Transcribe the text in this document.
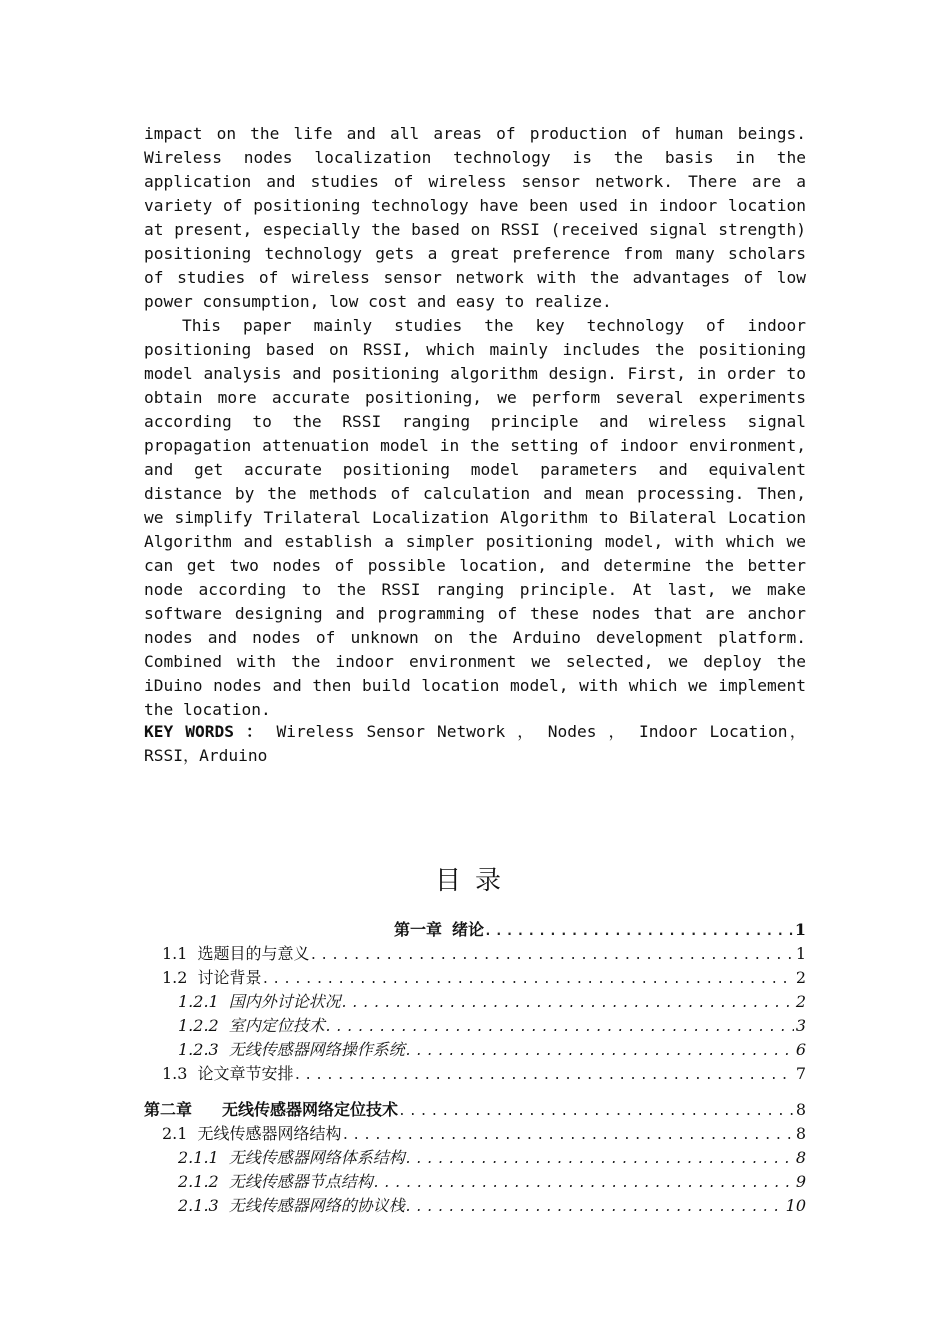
impact on the life and all areas of production of human beings. Wireless nodes localization technology is the basis in the application and studies of wireless sensor network. There are a variety of positioning technology have been used in indoor location at present, especially the based on RSSI (received signal strength) positioning technology gets a great preference from many scholars of studies of wireless sensor network with the advantages of low power consumption, low cost and easy to realize.

This paper mainly studies the key technology of indoor positioning based on RSSI, which mainly includes the positioning model analysis and positioning algorithm design. First, in order to obtain more accurate positioning, we perform several experiments according to the RSSI ranging principle and wireless signal propagation attenuation model in the setting of indoor environment, and get accurate positioning model parameters and equivalent distance by the methods of calculation and mean processing. Then, we simplify Trilateral Localization Algorithm to Bilateral Location Algorithm and establish a simpler positioning model, with which we can get two nodes of possible location, and determine the better node according to the RSSI ranging principle. At last, we make software designing and programming of these nodes that are anchor nodes and nodes of unknown on the Arduino development platform. Combined with the indoor environment we selected, we deploy the iDuino nodes and then build location model, with which we implement the location.

KEY WORDS ： Wireless Sensor Network ， Nodes ， Indoor Location，RSSI，Arduino
目录
第一章 绪论 .....	1
1.1 选题目的与意义 .....	1
1.2 讨论背景 .....	2
1.2.1 国内外讨论状况 .....	2
1.2.2 室内定位技术 .....	3
1.2.3 无线传感器网络操作系统 .....	6
1.3 论文章节安排 .....	7
第二章 无线传感器网络定位技术 .....	8
2.1 无线传感器网络结构 .....	8
2.1.1 无线传感器网络体系结构 .....	8
2.1.2 无线传感器节点结构 .....	9
2.1.3 无线传感器网络的协议栈 .....	10
